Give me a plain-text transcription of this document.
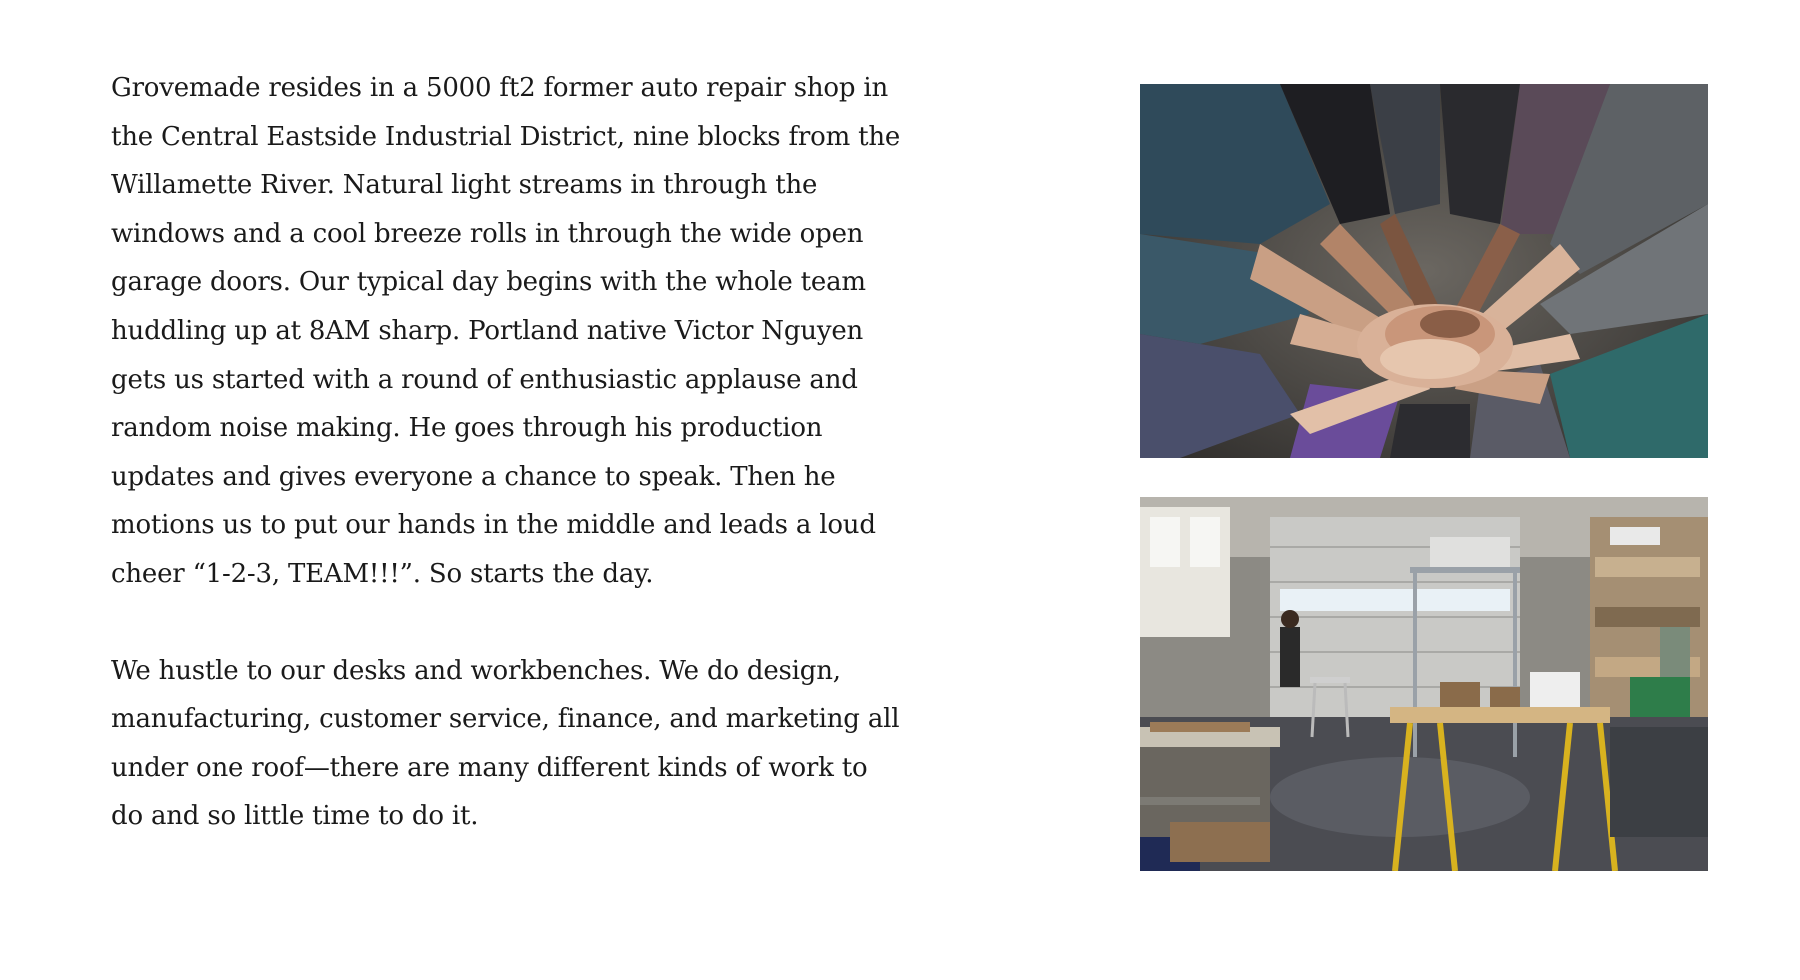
Grovemade resides in a 5000 ft2 former auto repair shop in the Central Eastside Industrial District, nine blocks from the Willamette River. Natural light streams in through the windows and a cool breeze rolls in through the wide open garage doors. Our typical day begins with the whole team huddling up at 8AM sharp. Portland native Victor Nguyen gets us started with a round of enthusiastic applause and random noise making. He goes through his production updates and gives everyone a chance to speak. Then he motions us to put our hands in the middle and leads a loud cheer “1-2-3, TEAM!!!”. So starts the day.

We hustle to our desks and workbenches. We do design, manufacturing, customer service, finance, and marketing all under one roof—there are many different kinds of work to do and so little time to do it.
